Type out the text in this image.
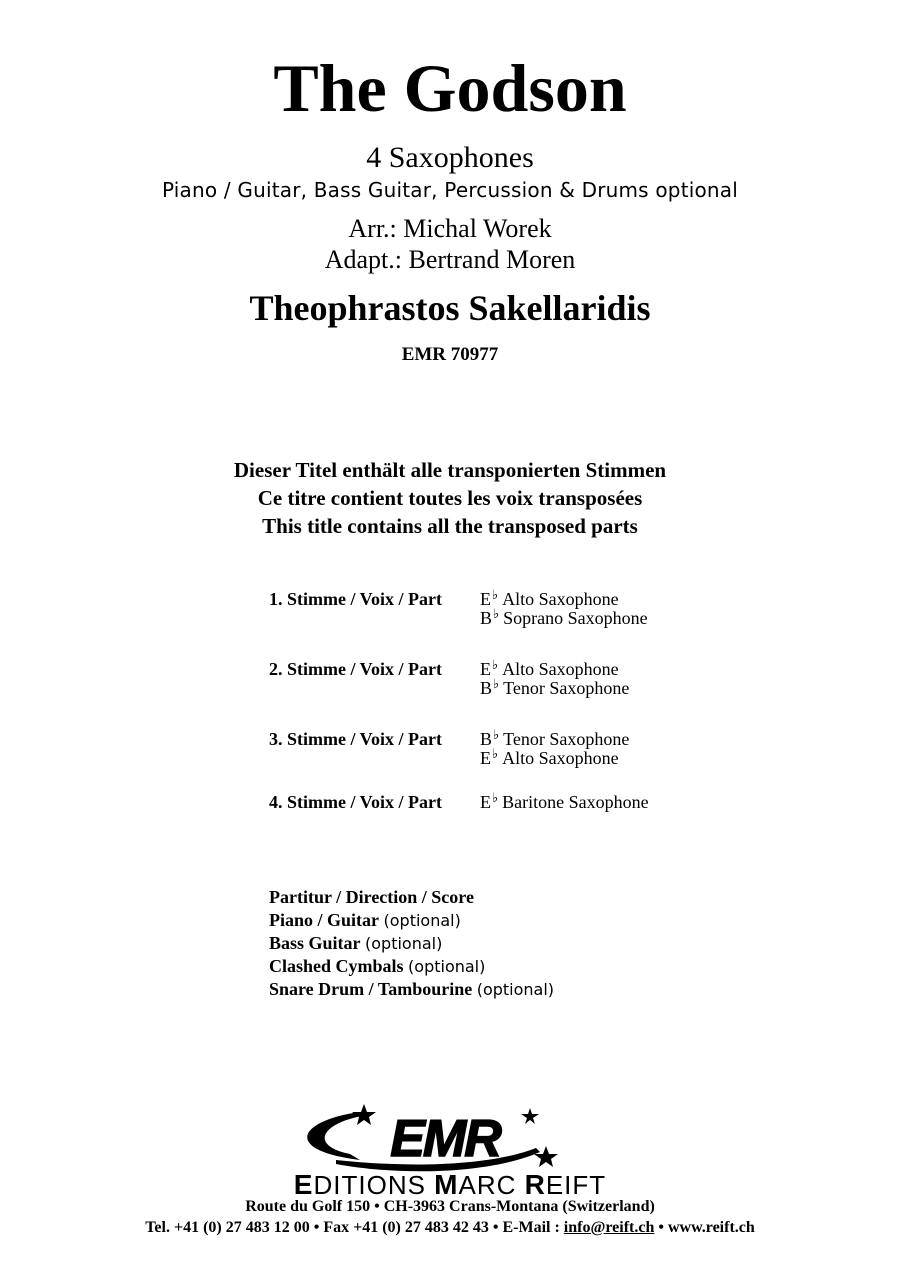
The Godson
4 Saxophones
Piano / Guitar, Bass Guitar, Percussion & Drums optional
Arr.: Michal Worek
Adapt.: Bertrand Moren
Theophrastos Sakellaridis
EMR 70977
Dieser Titel enthält alle transponierten Stimmen
Ce titre contient toutes les voix transposées
This title contains all the transposed parts
1. Stimme / Voix / Part E♭ Alto Saxophone
B♭ Soprano Saxophone
2. Stimme / Voix / Part E♭ Alto Saxophone
B♭ Tenor Saxophone
3. Stimme / Voix / Part B♭ Tenor Saxophone
E♭ Alto Saxophone
4. Stimme / Voix / Part E♭ Baritone Saxophone
Partitur / Direction / Score
Piano / Guitar (optional)
Bass Guitar (optional)
Clashed Cymbals (optional)
Snare Drum / Tambourine (optional)
EMR
EDITIONS MARC REIFT
Route du Golf 150 • CH-3963 Crans-Montana (Switzerland)
Tel. +41 (0) 27 483 12 00 • Fax +41 (0) 27 483 42 43 • E-Mail : info@reift.ch • www.reift.ch
